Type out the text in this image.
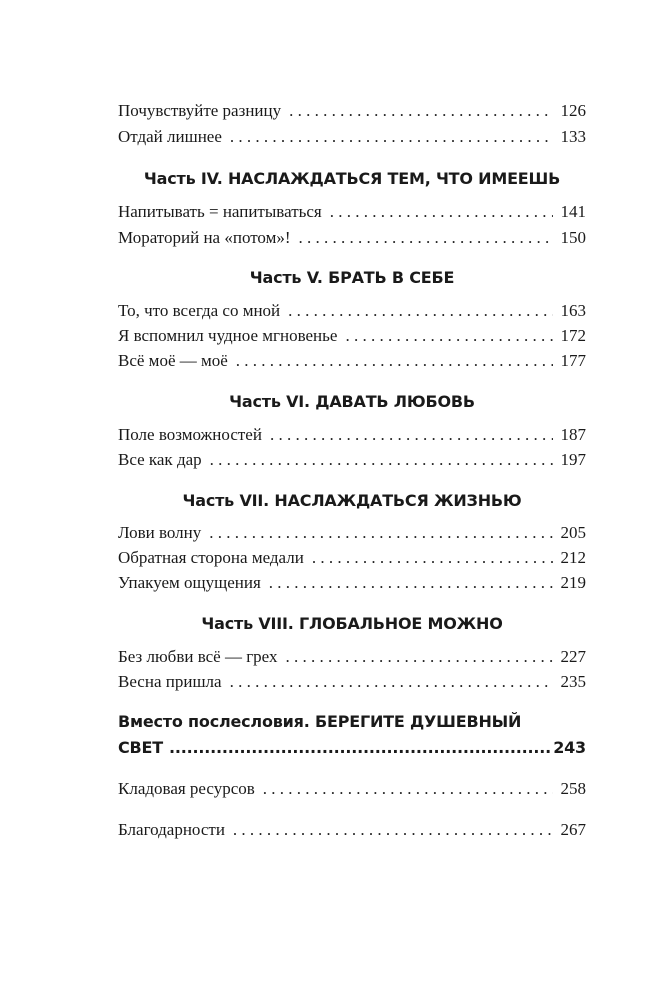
Почувствуйте разницу . . .	126
Отдай лишнее . . .	133
Часть IV. НАСЛАЖДАТЬСЯ ТЕМ, ЧТО ИМЕЕШЬ
Напитывать = напитываться . . .	141
Мораторий на «потом»! . . .	150
Часть V. БРАТЬ В СЕБЕ
То, что всегда со мной . . .	163
Я вспомнил чудное мгновенье . . .	172
Всё моё — моё . . .	177
Часть VI. ДАВАТЬ ЛЮБОВЬ
Поле возможностей . . .	187
Все как дар . . .	197
Часть VII. НАСЛАЖДАТЬСЯ ЖИЗНЬЮ
Лови волну . . .	205
Обратная сторона медали . . .	212
Упакуем ощущения . . .	219
Часть VIII. ГЛОБАЛЬНОЕ МОЖНО
Без любви всё — грех . . .	227
Весна пришла . . .	235
Вместо послесловия. БЕРЕГИТЕ ДУШЕВНЫЙ
СВЕТ .....	243
Кладовая ресурсов . . .	258
Благодарности . . .	267
